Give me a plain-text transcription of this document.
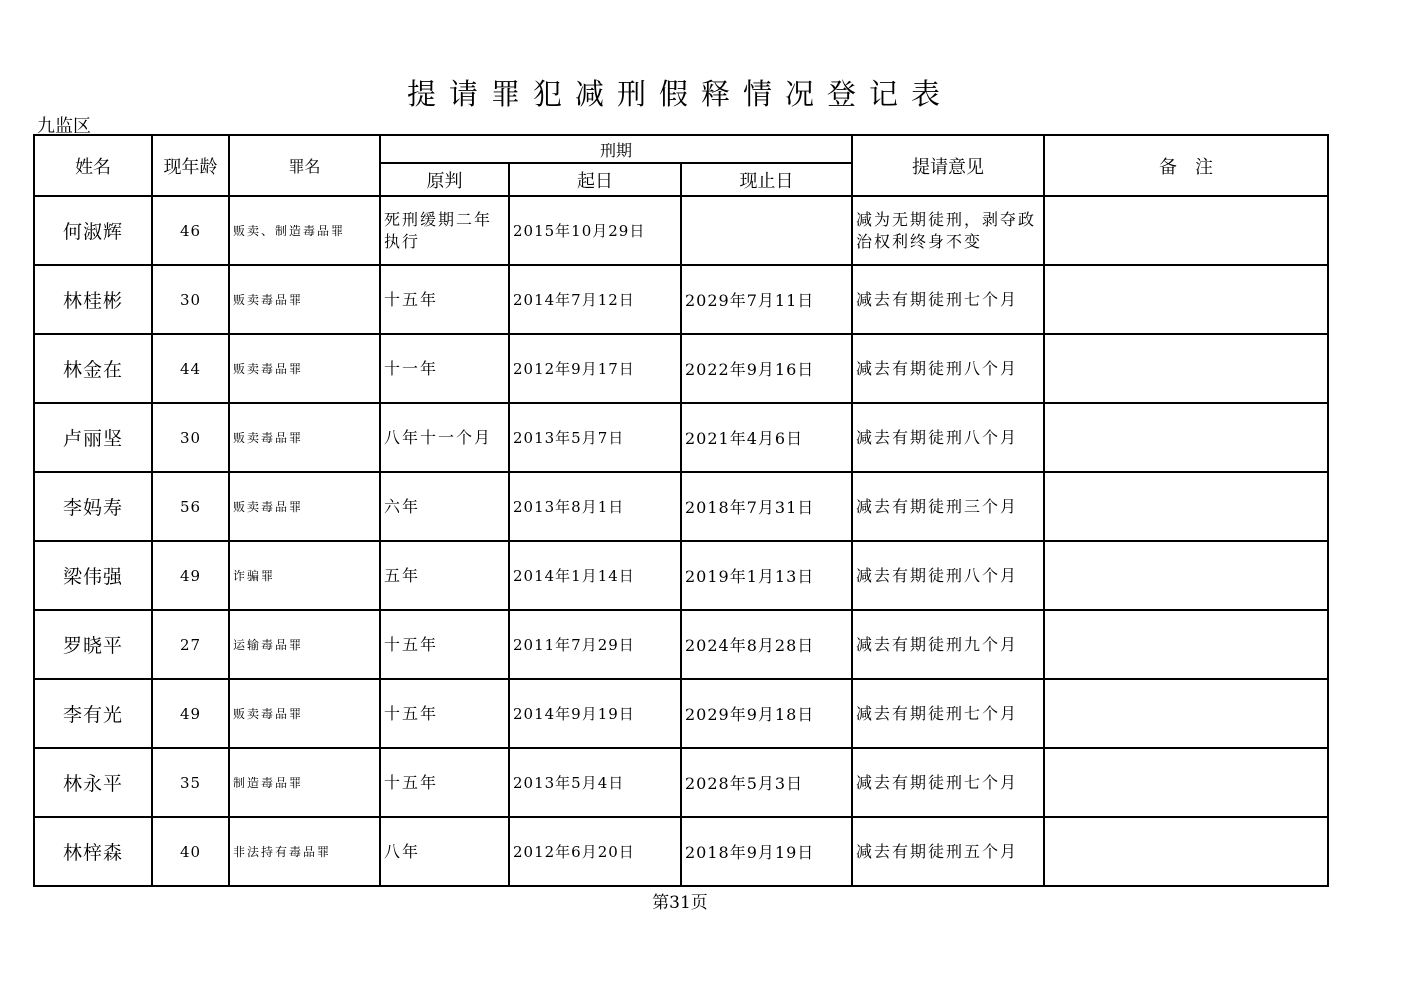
提请罪犯减刑假释情况登记表
九监区
姓名	现年龄	罪名	刑期			提请意见	备　注
			原判	起日	现止日		
何淑辉	46	贩卖、制造毒品罪	死刑缓期二年执行	2015年10月29日		减为无期徒刑，剥夺政治权利终身不变	
林桂彬	30	贩卖毒品罪	十五年	2014年7月12日	2029年7月11日	减去有期徒刑七个月	
林金在	44	贩卖毒品罪	十一年	2012年9月17日	2022年9月16日	减去有期徒刑八个月	
卢丽坚	30	贩卖毒品罪	八年十一个月	2013年5月7日	2021年4月6日	减去有期徒刑八个月	
李妈寿	56	贩卖毒品罪	六年	2013年8月1日	2018年7月31日	减去有期徒刑三个月	
梁伟强	49	诈骗罪	五年	2014年1月14日	2019年1月13日	减去有期徒刑八个月	
罗晓平	27	运输毒品罪	十五年	2011年7月29日	2024年8月28日	减去有期徒刑九个月	
李有光	49	贩卖毒品罪	十五年	2014年9月19日	2029年9月18日	减去有期徒刑七个月	
林永平	35	制造毒品罪	十五年	2013年5月4日	2028年5月3日	减去有期徒刑七个月	
林梓森	40	非法持有毒品罪	八年	2012年6月20日	2018年9月19日	减去有期徒刑五个月	
第31页
